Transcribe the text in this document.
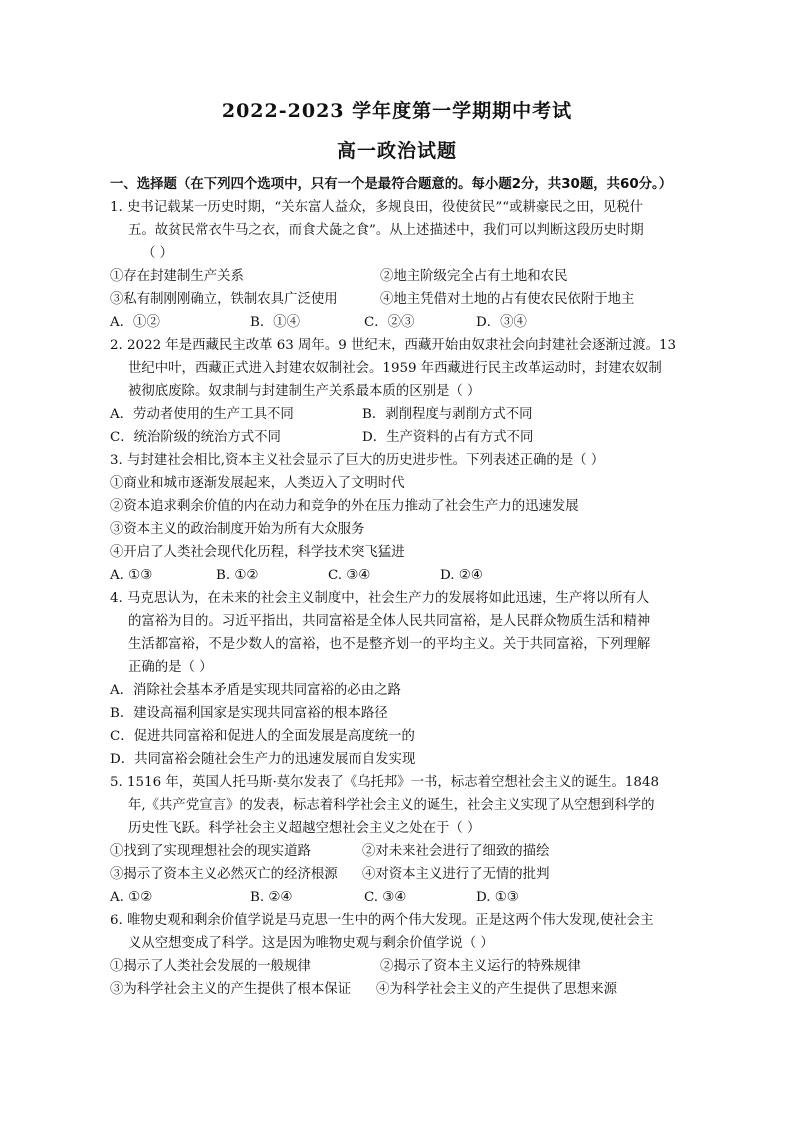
2022-2023 学年度第一学期期中考试
高一政治试题
一、选择题（在下列四个选项中，只有一个是最符合题意的。每小题2分，共30题，共60分。）
1. 史书记载某一历史时期，“关东富人益众，多规良田，役使贫民”“或耕豪民之田，见税什
五。故贫民常衣牛马之衣，而食犬彘之食”。从上述描述中，我们可以判断这段历史时期
（ ）
①存在封建制生产关系	②地主阶级完全占有土地和农民
③私有制刚刚确立，铁制农具广泛使用	④地主凭借对土地的占有使农民依附于地主
A．①②	B．①④	C．②③	D．③④
2. 2022 年是西藏民主改革 63 周年。9 世纪末，西藏开始由奴隶社会向封建社会逐渐过渡。13
世纪中叶，西藏正式进入封建农奴制社会。1959 年西藏进行民主改革运动时，封建农奴制
被彻底废除。奴隶制与封建制生产关系最本质的区别是（ ）
A．劳动者使用的生产工具不同	B．剥削程度与剥削方式不同
C．统治阶级的统治方式不同	D．生产资料的占有方式不同
3. 与封建社会相比,资本主义社会显示了巨大的历史进步性。下列表述正确的是（ ）
①商业和城市逐渐发展起来，人类迈入了文明时代
②资本追求剩余价值的内在动力和竞争的外在压力推动了社会生产力的迅速发展
③资本主义的政治制度开始为所有大众服务
④开启了人类社会现代化历程，科学技术突飞猛进
A. ①③	B. ①②	C. ③④	D. ②④
4. 马克思认为，在未来的社会主义制度中，社会生产力的发展将如此迅速，生产将以所有人
的富裕为目的。习近平指出，共同富裕是全体人民共同富裕，是人民群众物质生活和精神
生活都富裕，不是少数人的富裕，也不是整齐划一的平均主义。关于共同富裕，下列理解
正确的是（ ）
A．消除社会基本矛盾是实现共同富裕的必由之路
B．建设高福利国家是实现共同富裕的根本路径
C．促进共同富裕和促进人的全面发展是高度统一的
D．共同富裕会随社会生产力的迅速发展而自发实现
5. 1516 年，英国人托马斯·莫尔发表了《乌托邦》一书，标志着空想社会主义的诞生。1848
年,《共产党宣言》的发表，标志着科学社会主义的诞生，社会主义实现了从空想到科学的
历史性飞跃。科学社会主义超越空想社会主义之处在于（ ）
①找到了实现理想社会的现实道路	②对未来社会进行了细致的描绘
③揭示了资本主义必然灭亡的经济根源 ④对资本主义进行了无情的批判
A. ①②	B. ②④	C. ③④	D. ①③
6. 唯物史观和剩余价值学说是马克思一生中的两个伟大发现。正是这两个伟大发现,使社会主
义从空想变成了科学。这是因为唯物史观与剩余价值学说（ ）
①揭示了人类社会发展的一般规律	②揭示了资本主义运行的特殊规律
③为科学社会主义的产生提供了根本保证 ④为科学社会主义的产生提供了思想来源
